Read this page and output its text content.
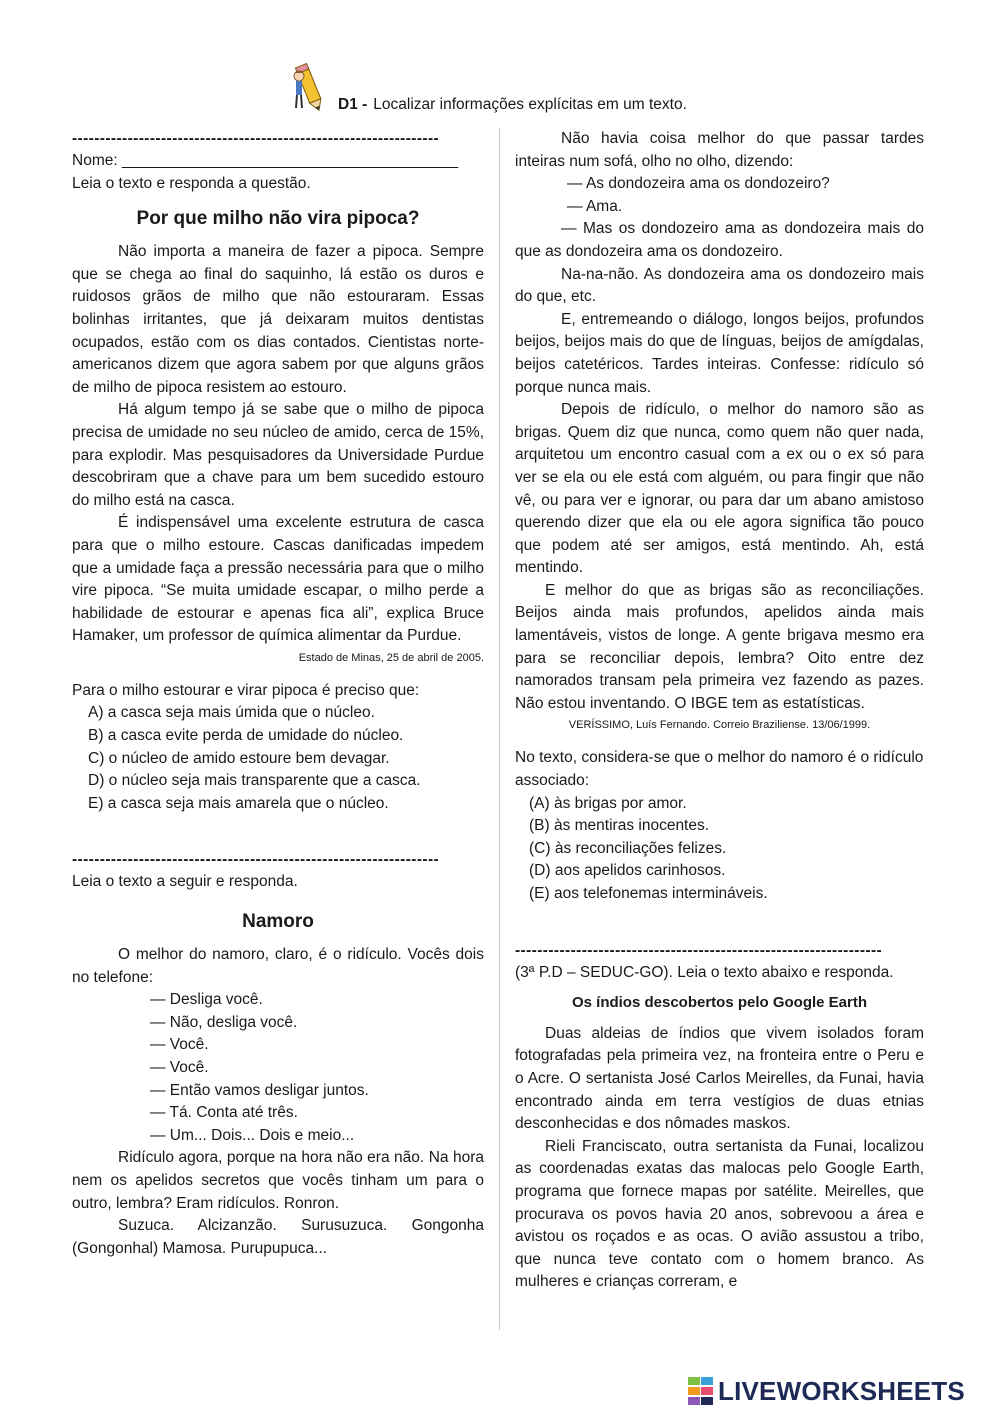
D1 - Localizar informações explícitas em um texto.
------------------------------------------------------------------

Nome: _______________________________________

Leia o texto e responda a questão.

Por que milho não vira pipoca?

Não importa a maneira de fazer a pipoca. Sempre que se chega ao final do saquinho, lá estão os duros e ruidosos grãos de milho que não estouraram. Essas bolinhas irritantes, que já deixaram muitos dentistas ocupados, estão com os dias contados. Cientistas norte-americanos dizem que agora sabem por que alguns grãos de milho de pipoca resistem ao estouro.

Há algum tempo já se sabe que o milho de pipoca precisa de umidade no seu núcleo de amido, cerca de 15%, para explodir. Mas pesquisadores da Universidade Purdue descobriram que a chave para um bem sucedido estouro do milho está na casca.

É indispensável uma excelente estrutura de casca para que o milho estoure. Cascas danificadas impedem que a umidade faça a pressão necessária para que o milho vire pipoca. “Se muita umidade escapar, o milho perde a habilidade de estourar e apenas fica ali”, explica Bruce Hamaker, um professor de química alimentar da Purdue.

Estado de Minas, 25 de abril de 2005.

Para o milho estourar e virar pipoca é preciso que:

A) a casca seja mais úmida que o núcleo.

B) a casca evite perda de umidade do núcleo.

C) o núcleo de amido estoure bem devagar.

D) o núcleo seja mais transparente que a casca.

E) a casca seja mais amarela que o núcleo.

------------------------------------------------------------------

Leia o texto a seguir e responda.

Namoro

O melhor do namoro, claro, é o ridículo. Vocês dois no telefone:

— Desliga você.

— Não, desliga você.

— Você.

— Você.

— Então vamos desligar juntos.

— Tá. Conta até três.

— Um... Dois... Dois e meio...

Ridículo agora, porque na hora não era não. Na hora nem os apelidos secretos que vocês tinham um para o outro, lembra? Eram ridículos. Ronron.

Suzuca. Alcizanzão. Surusuzuca. Gongonha (Gongonhal) Mamosa. Purupupuca...

Não havia coisa melhor do que passar tardes inteiras num sofá, olho no olho, dizendo:

— As dondozeira ama os dondozeiro?

— Ama.

— Mas os dondozeiro ama as dondozeira mais do que as dondozeira ama os dondozeiro.

Na-na-não. As dondozeira ama os dondozeiro mais do que, etc.

E, entremeando o diálogo, longos beijos, profundos beijos, beijos mais do que de línguas, beijos de amígdalas, beijos catetéricos. Tardes inteiras. Confesse: ridículo só porque nunca mais.

Depois de ridículo, o melhor do namoro são as brigas. Quem diz que nunca, como quem não quer nada, arquitetou um encontro casual com a ex ou o ex só para ver se ela ou ele está com alguém, ou para fingir que não vê, ou para ver e ignorar, ou para dar um abano amistoso querendo dizer que ela ou ele agora significa tão pouco que podem até ser amigos, está mentindo. Ah, está mentindo.

E melhor do que as brigas são as reconciliações. Beijos ainda mais profundos, apelidos ainda mais lamentáveis, vistos de longe. A gente brigava mesmo era para se reconciliar depois, lembra? Oito entre dez namorados transam pela primeira vez fazendo as pazes. Não estou inventando. O IBGE tem as estatísticas.

VERÍSSIMO, Luís Fernando. Correio Braziliense. 13/06/1999.

No texto, considera-se que o melhor do namoro é o ridículo associado:

(A) às brigas por amor.

(B) às mentiras inocentes.

(C) às reconciliações felizes.

(D) aos apelidos carinhosos.

(E) aos telefonemas intermináveis.

------------------------------------------------------------------

(3ª P.D – SEDUC-GO). Leia o texto abaixo e responda.

Os índios descobertos pelo Google Earth

Duas aldeias de índios que vivem isolados foram fotografadas pela primeira vez, na fronteira entre o Peru e o Acre. O sertanista José Carlos Meirelles, da Funai, havia encontrado ainda em terra vestígios de duas etnias desconhecidas e dos nômades maskos.

Rieli Franciscato, outra sertanista da Funai, localizou as coordenadas exatas das malocas pelo Google Earth, programa que fornece mapas por satélite. Meirelles, que procurava os povos havia 20 anos, sobrevoou a área e avistou os roçados e as ocas. O avião assustou a tribo, que nunca teve contato com o homem branco. As mulheres e crianças correram, e

LIVEWORKSHEETS
